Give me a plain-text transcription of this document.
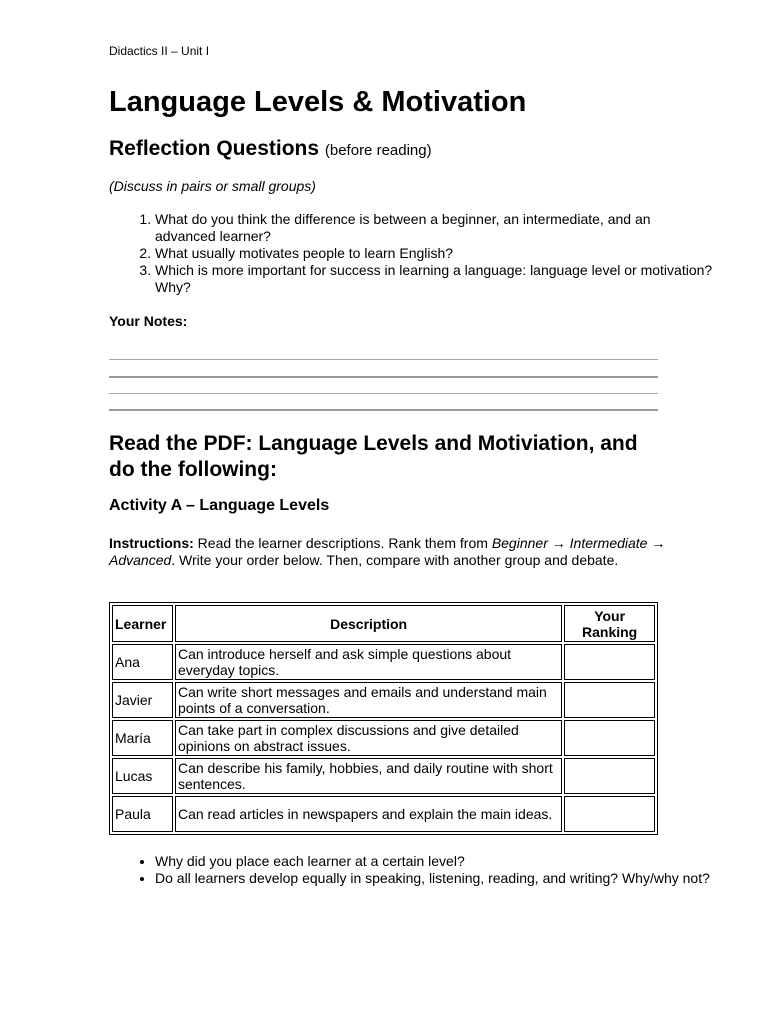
Didactics II – Unit I
Language Levels & Motivation
Reflection Questions (before reading)
(Discuss in pairs or small groups)
1. What do you think the difference is between a beginner, an intermediate, and an advanced learner?
2. What usually motivates people to learn English?
3. Which is more important for success in learning a language: language level or motivation? Why?
Your Notes:
Read the PDF: Language Levels and Motiviation, and do the following:
Activity A – Language Levels
Instructions: Read the learner descriptions. Rank them from Beginner → Intermediate → Advanced. Write your order below. Then, compare with another group and debate.
Learner	Description	Your Ranking
Ana	Can introduce herself and ask simple questions about everyday topics.	
Javier	Can write short messages and emails and understand main points of a conversation.	
María	Can take part in complex discussions and give detailed opinions on abstract issues.	
Lucas	Can describe his family, hobbies, and daily routine with short sentences.	
Paula	Can read articles in newspapers and explain the main ideas.	
• Why did you place each learner at a certain level?
• Do all learners develop equally in speaking, listening, reading, and writing? Why/why not?
